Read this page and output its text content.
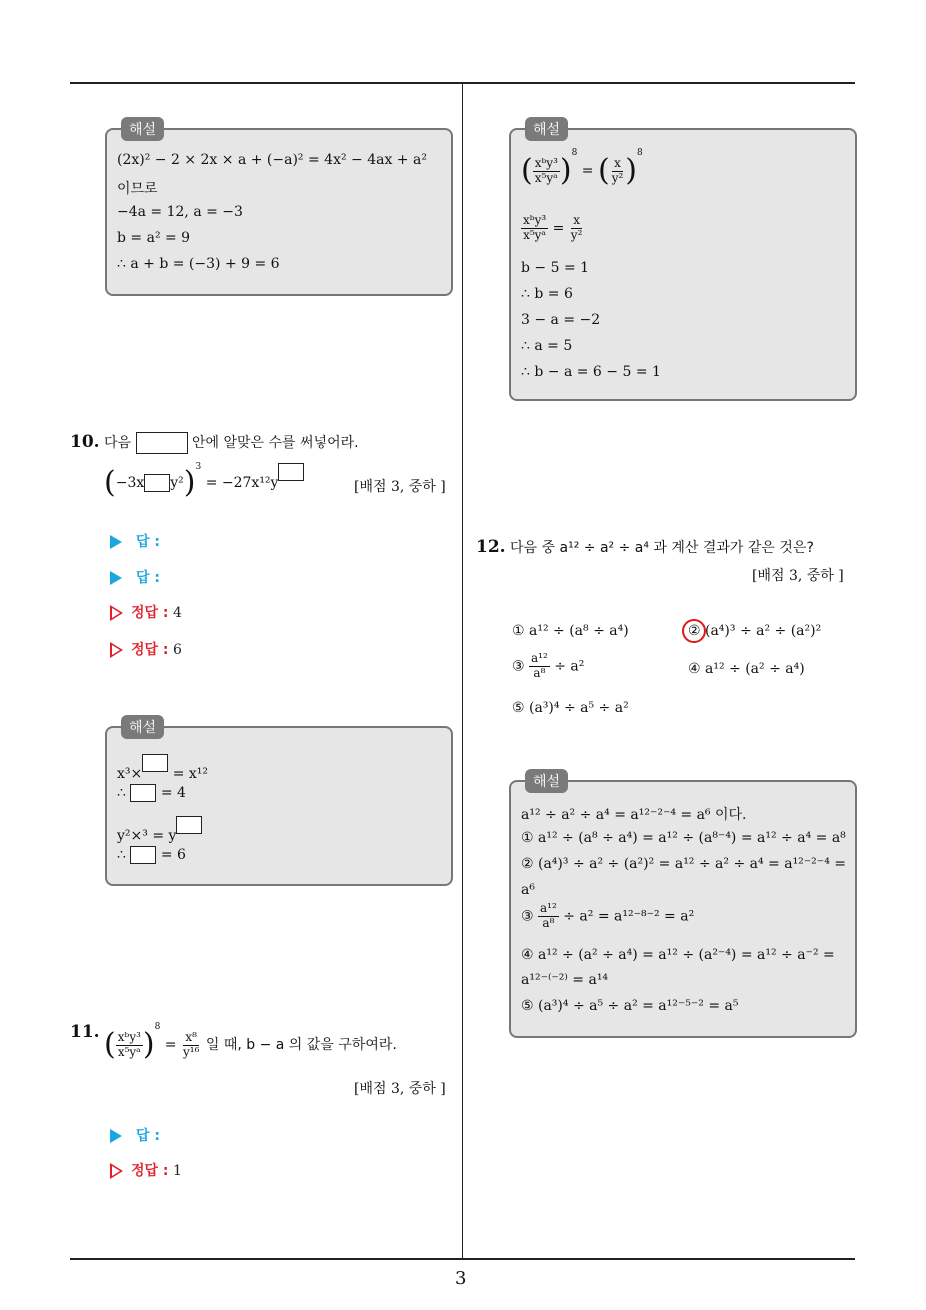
3
해설
(2x)² − 2 × 2x × a + (−a)² = 4x² − 4ax + a²
이므로
−4a = 12, a = −3
b = a² = 9
∴ a + b = (−3) + 9 = 6
10. 다음	안에 알맞은 수를 써넣어라.
(−3x y²)$^3$ = −27x¹²y	[배점 3, 중하 ]
답 :
답 :
정답 : 4
정답 : 6
해설
x³× = x¹²
∴ = 4
y²×³ = y
∴ = 6
11. ( $\frac{\text{xᵇy³}}{\text{x⁵yᵃ}} )^8 = \frac{\text{x⁸}}{\text{y¹⁶}}$ 일 때, b − a 의 값을 구하여라.
[배점 3, 중하 ]
답 :
정답 : 1
해설
( $\frac{\text{xᵇy³}}{\text{x⁵yᵃ}} )^8$ = ( $\frac{x}{\text{y²}} )^8$
$\frac{\text{xᵇy³}}{\text{x⁵yᵃ}} = \frac{x}{\text{y²}}$
b − 5 = 1
∴ b = 6
3 − a = −2
∴ a = 5
∴ b − a = 6 − 5 = 1
12. 다음 중 a¹² ÷ a² ÷ a⁴ 과 계산 결과가 같은 것은?
[배점 3, 중하 ]
① a¹² ÷ (a⁸ ÷ a⁴)	② (a⁴)³ ÷ a² ÷ (a²)²
③ $\frac{\text{a¹²}}{\text{a⁸}} \div a^2$	④ a¹² ÷ (a² ÷ a⁴)
⑤ (a³)⁴ ÷ a⁵ ÷ a²
해설
a¹² ÷ a² ÷ a⁴ = a¹²⁻²⁻⁴ = a⁶ 이다.
① a¹² ÷ (a⁸ ÷ a⁴) = a¹² ÷ (a⁸⁻⁴) = a¹² ÷ a⁴ = a⁸
② (a⁴)³ ÷ a² ÷ (a²)² = a¹² ÷ a² ÷ a⁴ = a¹²⁻²⁻⁴ =
a⁶
③ $\frac{\text{a¹²}}{\text{a⁸}} \div a^2 = a^{12-8-2} = a^2$
④ a¹² ÷ (a² ÷ a⁴) = a¹² ÷ (a²⁻⁴) = a¹² ÷ a⁻² =
a¹²⁻⁽⁻²⁾ = a¹⁴
⑤ (a³)⁴ ÷ a⁵ ÷ a² = a¹²⁻⁵⁻² = a⁵
